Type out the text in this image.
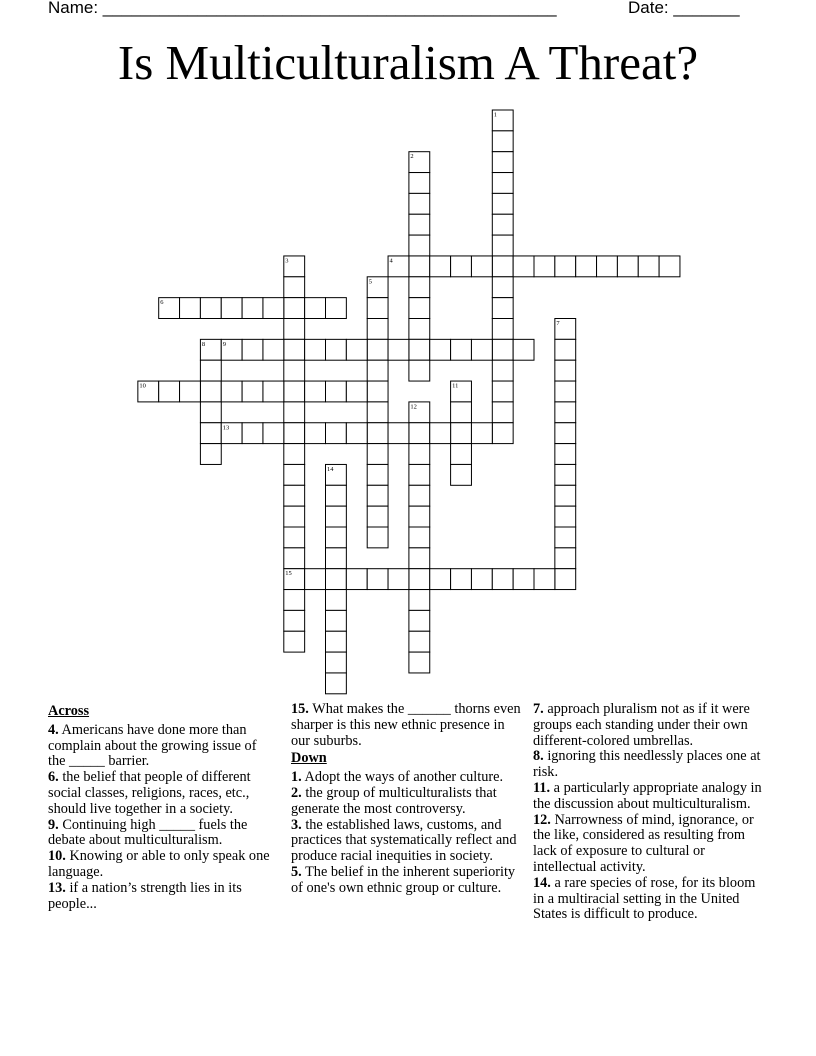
Name: ________________________________________________	Date: _______
Is Multiculturalism A Threat?
1
2
3	4
5
6
7
8	9
10	11
12
13
14
15
Across
4. Americans have done more than complain about the growing issue of the _____ barrier.
6. the belief that people of different social classes, religions, races, etc., should live together in a society.
9. Continuing high _____ fuels the debate about multiculturalism.
10. Knowing or able to only speak one language.
13. if a nation’s strength lies in its people...
15. What makes the ______ thorns even sharper is this new ethnic presence in our suburbs.
Down
1. Adopt the ways of another culture.
2. the group of multiculturalists that generate the most controversy.
3. the established laws, customs, and practices that systematically reflect and produce racial inequities in society.
5. The belief in the inherent superiority of one's own ethnic group or culture.
7. approach pluralism not as if it were groups each standing under their own different-colored umbrellas.
8. ignoring this needlessly places one at risk.
11. a particularly appropriate analogy in the discussion about multiculturalism.
12. Narrowness of mind, ignorance, or the like, considered as resulting from lack of exposure to cultural or intellectual activity.
14. a rare species of rose, for its bloom in a multiracial setting in the United States is difficult to produce.
